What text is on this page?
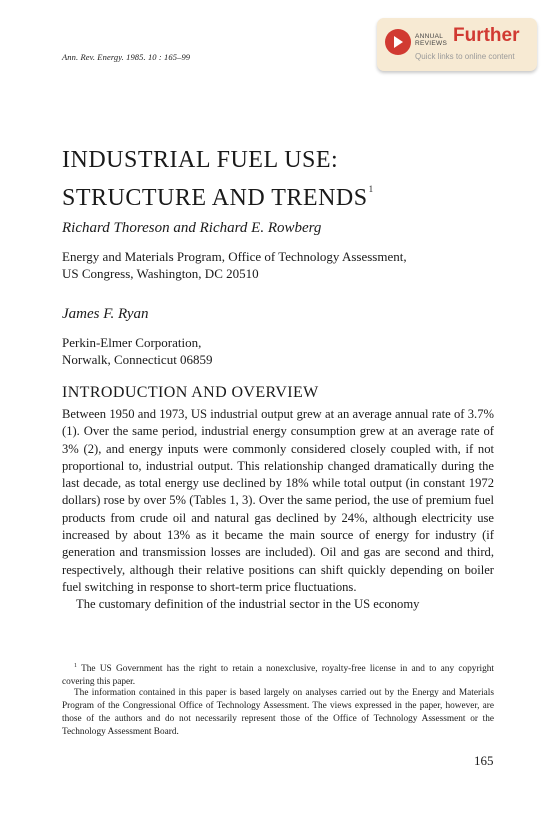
Ann. Rev. Energy. 1985. 10 : 165–99
ANNUAL
REVIEWS Further
Quick links to online content
INDUSTRIAL FUEL USE:
STRUCTURE AND TRENDS$^1$
Richard Thoreson and Richard E. Rowberg
Energy and Materials Program, Office of Technology Assessment,
US Congress, Washington, DC 20510
James F. Ryan
Perkin-Elmer Corporation,
Norwalk, Connecticut 06859
INTRODUCTION AND OVERVIEW

Between 1950 and 1973, US industrial output grew at an average annual rate of 3.7% (1). Over the same period, industrial energy consumption grew at an average rate of 3% (2), and energy inputs were commonly considered closely coupled with, if not proportional to, industrial output. This relationship changed dramatically during the last decade, as total energy use declined by 18% while total output (in constant 1972 dollars) rose by over 5% (Tables 1, 3). Over the same period, the use of premium fuel products from crude oil and natural gas declined by 24%, although electricity use increased by about 13% as it became the main source of energy for industry (if generation and transmission losses are included). Oil and gas are second and third, respectively, although their relative positions can shift quickly depending on boiler fuel switching in response to short-term price fluctuations.
The customary definition of the industrial sector in the US economy

$^1$ The US Government has the right to retain a nonexclusive, royalty-free license in and to any copyright covering this paper.

The information contained in this paper is based largely on analyses carried out by the Energy and Materials Program of the Congressional Office of Technology Assessment. The views expressed in the paper, however, are those of the authors and do not necessarily represent those of the Office of Technology Assessment or the Technology Assessment Board.

165
